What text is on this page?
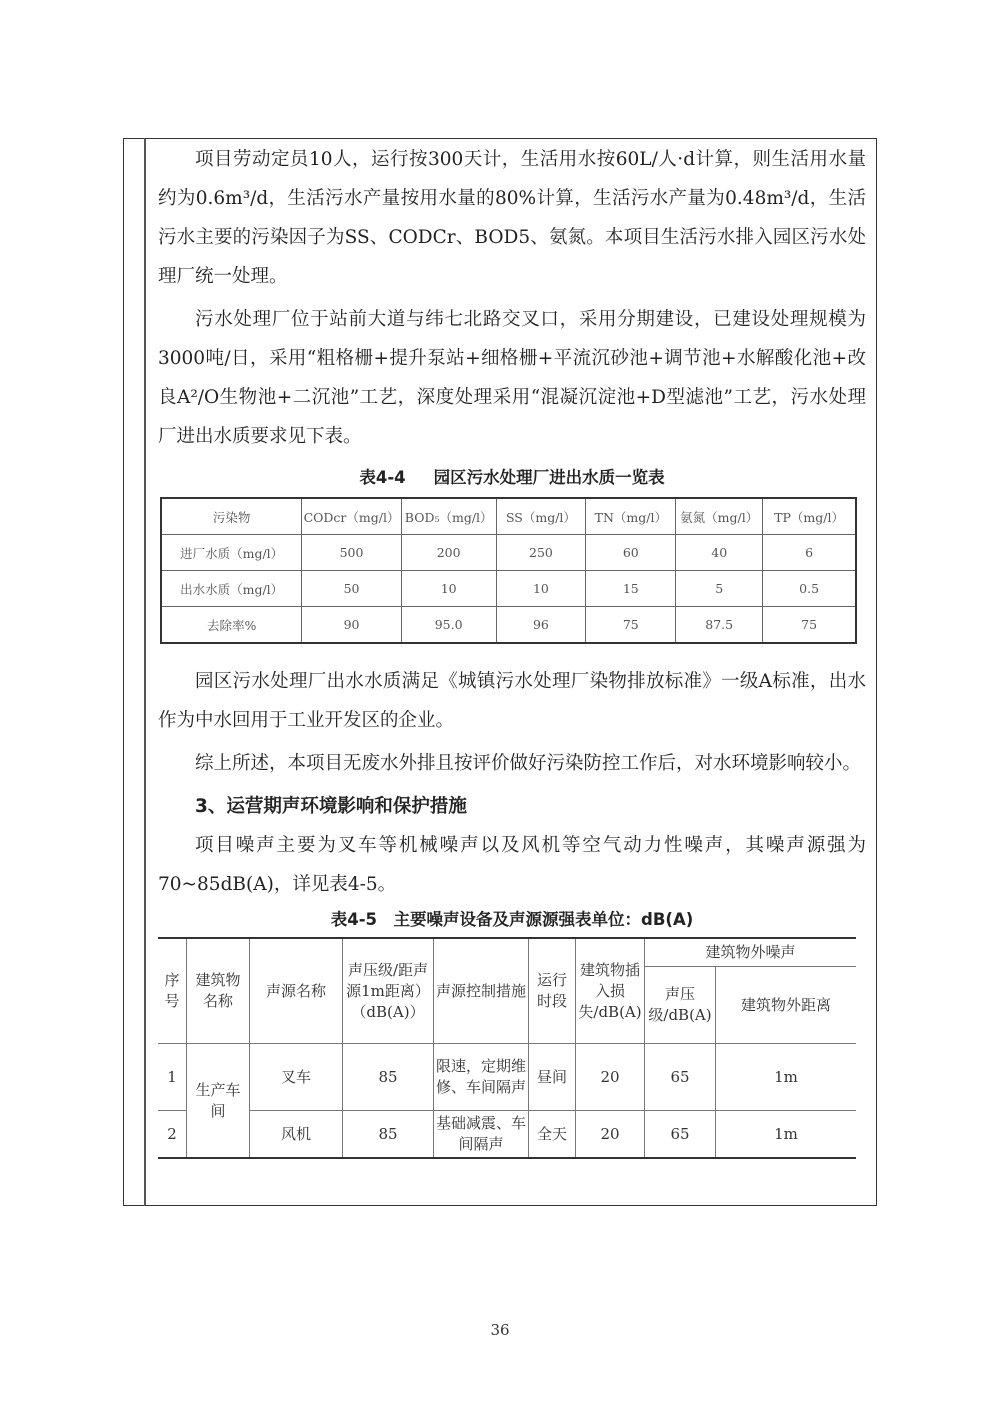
项目劳动定员10人，运行按300天计，生活用水按60L/人·d计算，则生活用水量约为0.6m³/d，生活污水产量按用水量的80%计算，生活污水产量为0.48m³/d，生活污水主要的污染因子为SS、CODCr、BOD5、氨氮。本项目生活污水排入园区污水处理厂统一处理。

污水处理厂位于站前大道与纬七北路交叉口，采用分期建设，已建设处理规模为3000吨/日，采用“粗格栅+提升泵站+细格栅+平流沉砂池+调节池+水解酸化池+改良A²/O生物池+二沉池”工艺，深度处理采用“混凝沉淀池+D型滤池”工艺，污水处理厂进出水质要求见下表。

表4-4 园区污水处理厂进出水质一览表

污染物	CODcr（mg/l）	BOD₅（mg/l）	SS（mg/l）	TN（mg/l）	氨氮（mg/l）	TP（mg/l）
进厂水质（mg/l）	500	200	250	60	40	6
出水水质（mg/l）	50	10	10	15	5	0.5
去除率%	90	95.0	96	75	87.5	75

园区污水处理厂出水水质满足《城镇污水处理厂染物排放标准》一级A标准，出水作为中水回用于工业开发区的企业。

综上所述，本项目无废水外排且按评价做好污染防控工作后，对水环境影响较小。

3、运营期声环境影响和保护措施

项目噪声主要为叉车等机械噪声以及风机等空气动力性噪声，其噪声源强为70~85dB(A)，详见表4-5。

表4-5　主要噪声设备及声源源强表单位：dB(A)

序号	建筑物名称	声源名称	声压级/距声源1m距离）（dB(A)）	声源控制措施	运行时段	建筑物插入损失/dB(A)	建筑物外噪声	
							声压级/dB(A)	建筑物外距离
1	生产车间	叉车	85	限速，定期维修、车间隔声	昼间	20	65	1m
2		风机	85	基础减震、车间隔声	全天	20	65	1m
36
